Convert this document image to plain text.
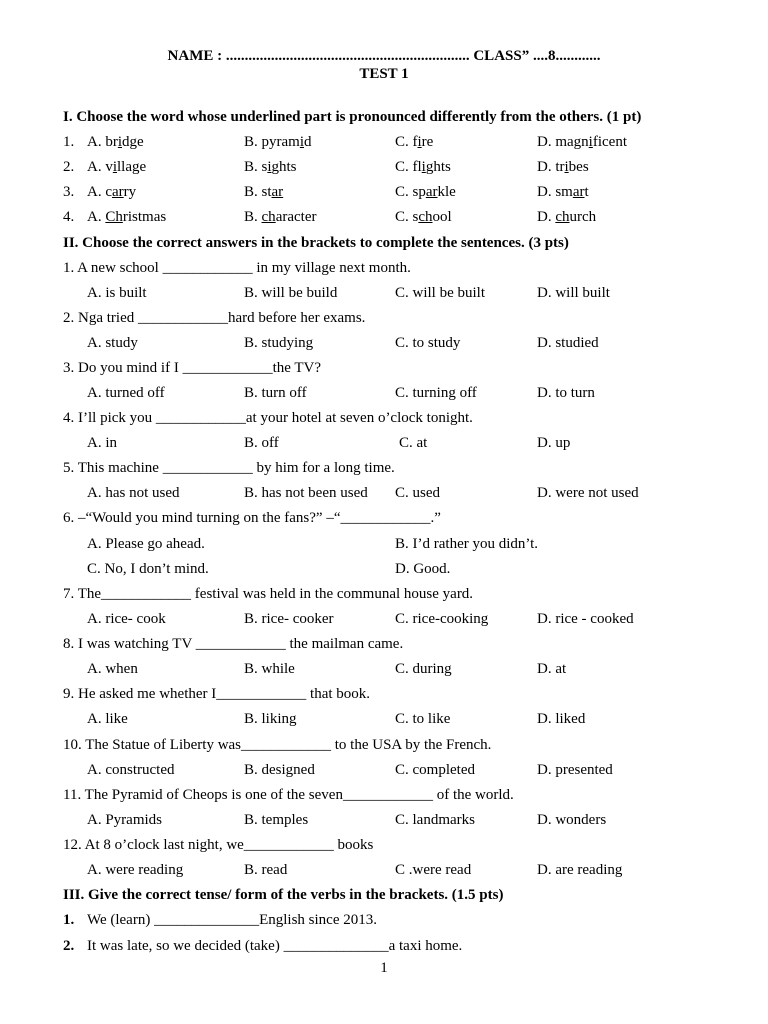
NAME : ................................................................. CLASS” ....8............
TEST 1
I. Choose the word whose underlined part is pronounced differently from the others. (1 pt)
1. A. bridge	B. pyramid	C. fire	D. magnificent
2. A. village	B. sights	C. flights	D. tribes
3. A. carry	B. star	C. sparkle	D. smart
4. A. Christmas	B. character	C. school	D. church
II. Choose the correct answers in the brackets to complete the sentences. (3 pts)
1. A new school ____________ in my village next month.
A. is built	B. will be build	C. will be built	D. will built
2. Nga tried ____________hard before her exams.
A. study	B. studying	C. to study	D. studied
3. Do you mind if I ____________the TV?
A. turned off	B. turn off	C. turning off	D. to turn
4. I’ll pick you ____________at your hotel at seven o’clock tonight.
A. in	B. off	C. at	D. up
5. This machine ____________ by him for a long time.
A. has not used	B. has not been used C. used	D. were not used
6. –“Would you mind turning on the fans?” –“____________.”
A. Please go ahead.	B. I’d rather you didn’t.
C. No, I don’t mind.	D. Good.
7. The____________ festival was held in the communal house yard.
A. rice- cook	B. rice- cooker	C. rice-cooking	D. rice - cooked
8. I was watching TV ____________ the mailman came.
A. when	B. while	C. during	D. at
9. He asked me whether I____________ that book.
A. like	B. liking	C. to like	D. liked
10. The Statue of Liberty was____________ to the USA by the French.
A. constructed	B. designed	C. completed	D. presented
11. The Pyramid of Cheops is one of the seven____________ of the world.
A. Pyramids	B. temples	C. landmarks	D. wonders
12. At 8 o’clock last night, we____________ books
A. were reading	B. read	C .were read	D. are reading
III. Give the correct tense/ form of the verbs in the brackets. (1.5 pts)
1. We (learn) ______________English since 2013.
2. It was late, so we decided (take) ______________a taxi home.
1
